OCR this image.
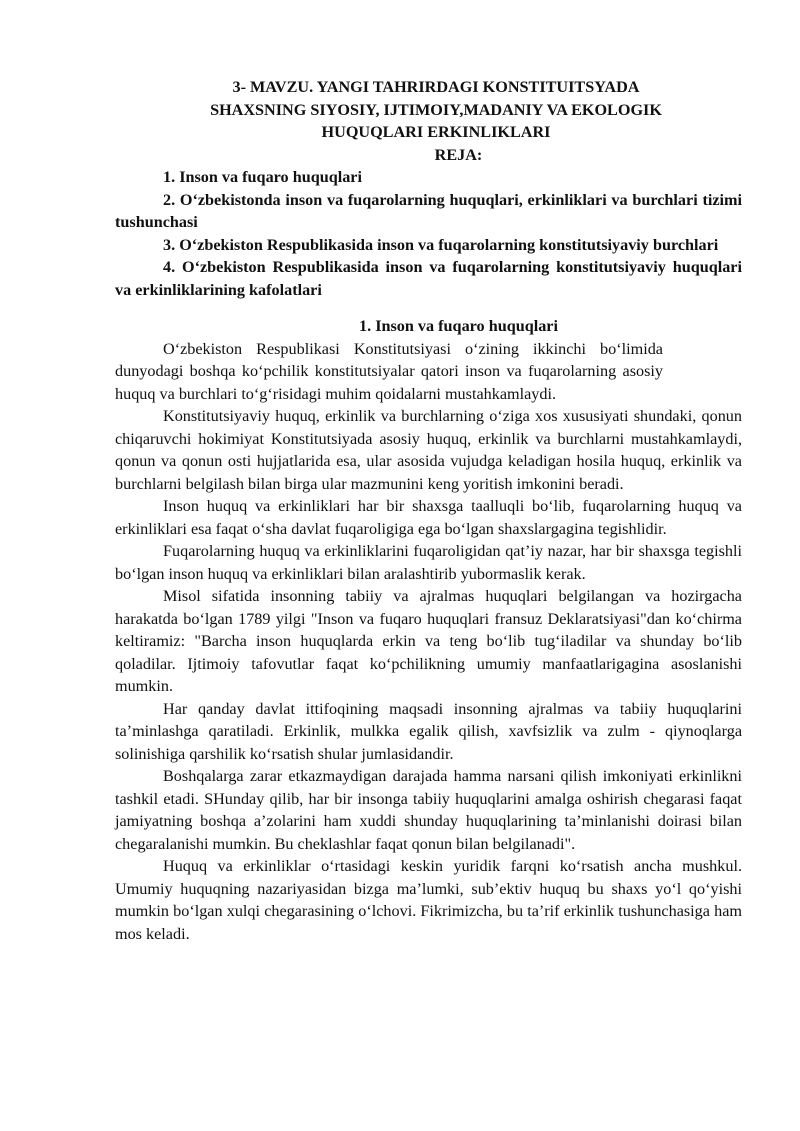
3- MAVZU. YANGI TAHRIRDAGI KONSTITUITSYADA
SHAXSNING SIYOSIY, IJTIMOIY,MADANIY VA EKOLOGIK
HUQUQLARI ERKINLIKLARI

REJA:

1. Inson va fuqaro huquqlari

2. O‘zbekistonda inson va fuqarolarning huquqlari, erkinliklari va burchlari tizimi tushunchasi

3. O‘zbekiston Respublikasida inson va fuqarolarning konstitutsiyaviy burchlari

4. O‘zbekiston Respublikasida inson va fuqarolarning konstitutsiyaviy huquqlari va erkinliklarining kafolatlari

1. Inson va fuqaro huquqlari

O‘zbekiston Respublikasi Konstitutsiyasi o‘zining ikkinchi bo‘limida dunyodagi boshqa ko‘pchilik konstitutsiyalar qatori inson va fuqarolarning asosiy huquq va burchlari to‘g‘risidagi muhim qoidalarni mustahkamlaydi.

Konstitutsiyaviy huquq, erkinlik va burchlarning o‘ziga xos xususiyati shundaki, qonun chiqaruvchi hokimiyat Konstitutsiyada asosiy huquq, erkinlik va burchlarni mustahkamlaydi, qonun va qonun osti hujjatlarida esa, ular asosida vujudga keladigan hosila huquq, erkinlik va burchlarni belgilash bilan birga ular mazmunini keng yoritish imkonini beradi.

Inson huquq va erkinliklari har bir shaxsga taalluqli bo‘lib, fuqarolarning huquq va erkinliklari esa faqat o‘sha davlat fuqaroligiga ega bo‘lgan shaxslargagina tegishlidir.

Fuqarolarning huquq va erkinliklarini fuqaroligidan qat’iy nazar, har bir shaxsga tegishli bo‘lgan inson huquq va erkinliklari bilan aralashtirib yubormaslik kerak.

Misol sifatida insonning tabiiy va ajralmas huquqlari belgilangan va hozirgacha harakatda bo‘lgan 1789 yilgi "Inson va fuqaro huquqlari fransuz Deklaratsiyasi"dan ko‘chirma keltiramiz: "Barcha inson huquqlarda erkin va teng bo‘lib tug‘iladilar va shunday bo‘lib qoladilar. Ijtimoiy tafovutlar faqat ko‘pchilikning umumiy manfaatlarigagina asoslanishi mumkin.

Har qanday davlat ittifoqining maqsadi insonning ajralmas va tabiiy huquqlarini ta’minlashga qaratiladi. Erkinlik, mulkka egalik qilish, xavfsizlik va zulm - qiynoqlarga solinishiga qarshilik ko‘rsatish shular jumlasidandir.

Boshqalarga zarar etkazmaydigan darajada hamma narsani qilish imkoniyati erkinlikni tashkil etadi. SHunday qilib, har bir insonga tabiiy huquqlarini amalga oshirish chegarasi faqat jamiyatning boshqa a’zolarini ham xuddi shunday huquqlarining ta’minlanishi doirasi bilan chegaralanishi mumkin. Bu cheklashlar faqat qonun bilan belgilanadi".

Huquq va erkinliklar o‘rtasidagi keskin yuridik farqni ko‘rsatish ancha mushkul. Umumiy huquqning nazariyasidan bizga ma’lumki, sub’ektiv huquq bu shaxs yo‘l qo‘yishi mumkin bo‘lgan xulqi chegarasining o‘lchovi. Fikrimizcha, bu ta’rif erkinlik tushunchasiga ham mos keladi.
